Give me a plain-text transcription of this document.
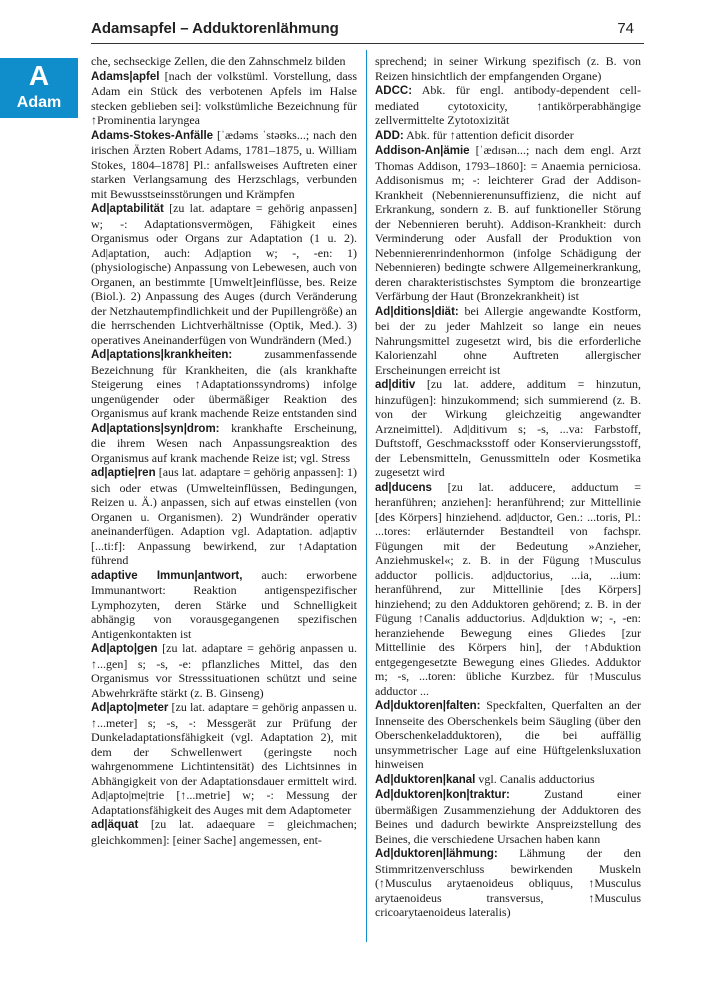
Adamsapfel – Adduktorenlähmung	74
A
Adam

che, sechseckige Zellen, die den Zahnschmelz bilden

Adams|apfel [nach der volkstüml. Vorstellung, dass Adam ein Stück des verbotenen Apfels im Halse stecken geblieben sei]: volkstümliche Bezeichnung für ↑Prominentia laryngea

Adams-Stokes-Anfälle [ˈædəms ˈstəʊks...; nach den irischen Ärzten Robert Adams, 1781–1875, u. William Stokes, 1804–1878] Pl.: anfallsweises Auftreten einer starken Verlangsamung des Herzschlags, verbunden mit Bewusstseinsstörungen und Krämpfen

Ad|aptabilität [zu lat. adaptare = gehörig anpassen] w; -: Adaptationsvermögen, Fähigkeit eines Organismus oder Organs zur Adaptation (1 u. 2). Ad|aptation, auch: Ad|aption w; -, -en: 1) (physiologische) Anpassung von Lebewesen, auch von Organen, an bestimmte [Umwelt]einflüsse, bes. Reize (Biol.). 2) Anpassung des Auges (durch Veränderung der Netzhautempfindlichkeit und der Pupillengröße) an die herrschenden Lichtverhältnisse (Optik, Med.). 3) operatives Aneinanderfügen von Wundrändern (Med.)

Ad|aptations|krankheiten: zusammenfassende Bezeichnung für Krankheiten, die (als krankhafte Steigerung eines ↑Adaptationssyndroms) infolge ungenügender oder übermäßiger Reaktion des Organismus auf krank machende Reize entstanden sind

Ad|aptations|syn|drom: krankhafte Erscheinung, die ihrem Wesen nach Anpassungsreaktion des Organismus auf krank machende Reize ist; vgl. Stress

ad|aptie|ren [aus lat. adaptare = gehörig anpassen]: 1) sich oder etwas (Umwelteinflüssen, Bedingungen, Reizen u. Ä.) anpassen, sich auf etwas einstellen (von Organen u. Organismen). 2) Wundränder operativ aneinanderfügen. Adaption vgl. Adaptation. ad|aptiv [...ti:f]: Anpassung bewirkend, zur ↑Adaptation führend

adaptive Immun|antwort, auch: erworbene Immunantwort: Reaktion antigenspezifischer Lymphozyten, deren Stärke und Schnelligkeit abhängig von vorausgegangenen spezifischen Antigenkontakten ist

Ad|apto|gen [zu lat. adaptare = gehörig anpassen u. ↑...gen] s; -s, -e: pflanzliches Mittel, das den Organismus vor Stresssituationen schützt und seine Abwehrkräfte stärkt (z. B. Ginseng)

Ad|apto|meter [zu lat. adaptare = gehörig anpassen u. ↑...meter] s; -s, -: Messgerät zur Prüfung der Dunkeladaptationsfähigkeit (vgl. Adaptation 2), mit dem der Schwellenwert (geringste noch wahrgenommene Lichtintensität) des Lichtsinnes in Abhängigkeit von der Adaptationsdauer ermittelt wird. Ad|apto|me|trie [↑...metrie] w; -: Messung der Adaptationsfähigkeit des Auges mit dem Adaptometer

ad|äquat [zu lat. adaequare = gleichmachen; gleichkommen]: [einer Sache] angemessen, ent-

sprechend; in seiner Wirkung spezifisch (z. B. von Reizen hinsichtlich der empfangenden Organe)

ADCC: Abk. für engl. antibody-dependent cell-mediated cytotoxicity, ↑antikörperabhängige zellvermittelte Zytotoxizität

ADD: Abk. für ↑attention deficit disorder

Addison-An|ämie [ˈædɪsən...; nach dem engl. Arzt Thomas Addison, 1793–1860]: = Anaemia perniciosa. Addisonismus m; -: leichterer Grad der Addison-Krankheit (Nebennierenunsuffizienz, die nicht auf Erkrankung, sondern z. B. auf funktioneller Störung der Nebennieren beruht). Addison-Krankheit: durch Verminderung oder Ausfall der Produktion von Nebennierenrindenhormon (infolge Schädigung der Nebennieren) bedingte schwere Allgemeinerkrankung, deren charakteristischstes Symptom die bronzeartige Verfärbung der Haut (Bronzekrankheit) ist

Ad|ditions|diät: bei Allergie angewandte Kostform, bei der zu jeder Mahlzeit so lange ein neues Nahrungsmittel zugesetzt wird, bis die erforderliche Kalorienzahl ohne Auftreten allergischer Erscheinungen erreicht ist

ad|ditiv [zu lat. addere, additum = hinzutun, hinzufügen]: hinzukommend; sich summierend (z. B. von der Wirkung gleichzeitig angewandter Arzneimittel). Ad|ditivum s; -s, ...va: Farbstoff, Duftstoff, Geschmacksstoff oder Konservierungsstoff, der Lebensmitteln, Genussmitteln oder Kosmetika zugesetzt wird

ad|ducens [zu lat. adducere, adductum = heranführen; anziehen]: heranführend; zur Mittellinie [des Körpers] hinziehend. ad|ductor, Gen.: ...toris, Pl.: ...tores: erläuternder Bestandteil von fachspr. Fügungen mit der Bedeutung »Anzieher, Anziehmuskel«; z. B. in der Fügung ↑Musculus adductor pollicis. ad|ductorius, ...ia, ...ium: heranführend, zur Mittellinie [des Körpers] hinziehend; zu den Adduktoren gehörend; z. B. in der Fügung ↑Canalis adductorius. Ad|duktion w; -, -en: heranziehende Bewegung eines Gliedes [zur Mittellinie des Körpers hin], der ↑Abduktion entgegengesetzte Bewegung eines Gliedes. Adduktor m; -s, ...toren: übliche Kurzbez. für ↑Musculus adductor ...

Ad|duktoren|falten: Speckfalten, Querfalten an der Innenseite des Oberschenkels beim Säugling (über den Oberschenkeladduktoren), die bei auffällig unsymmetrischer Lage auf eine Hüftgelenksluxation hinweisen

Ad|duktoren|kanal vgl. Canalis adductorius

Ad|duktoren|kon|traktur: Zustand einer übermäßigen Zusammenziehung der Adduktoren des Beines und dadurch bewirkte Anspreizstellung des Beines, die verschiedene Ursachen haben kann

Ad|duktoren|lähmung: Lähmung der den Stimmritzenverschluss bewirkenden Muskeln (↑Musculus arytaenoideus obliquus, ↑Musculus arytaenoideus transversus, ↑Musculus cricoarytaenoideus lateralis)
